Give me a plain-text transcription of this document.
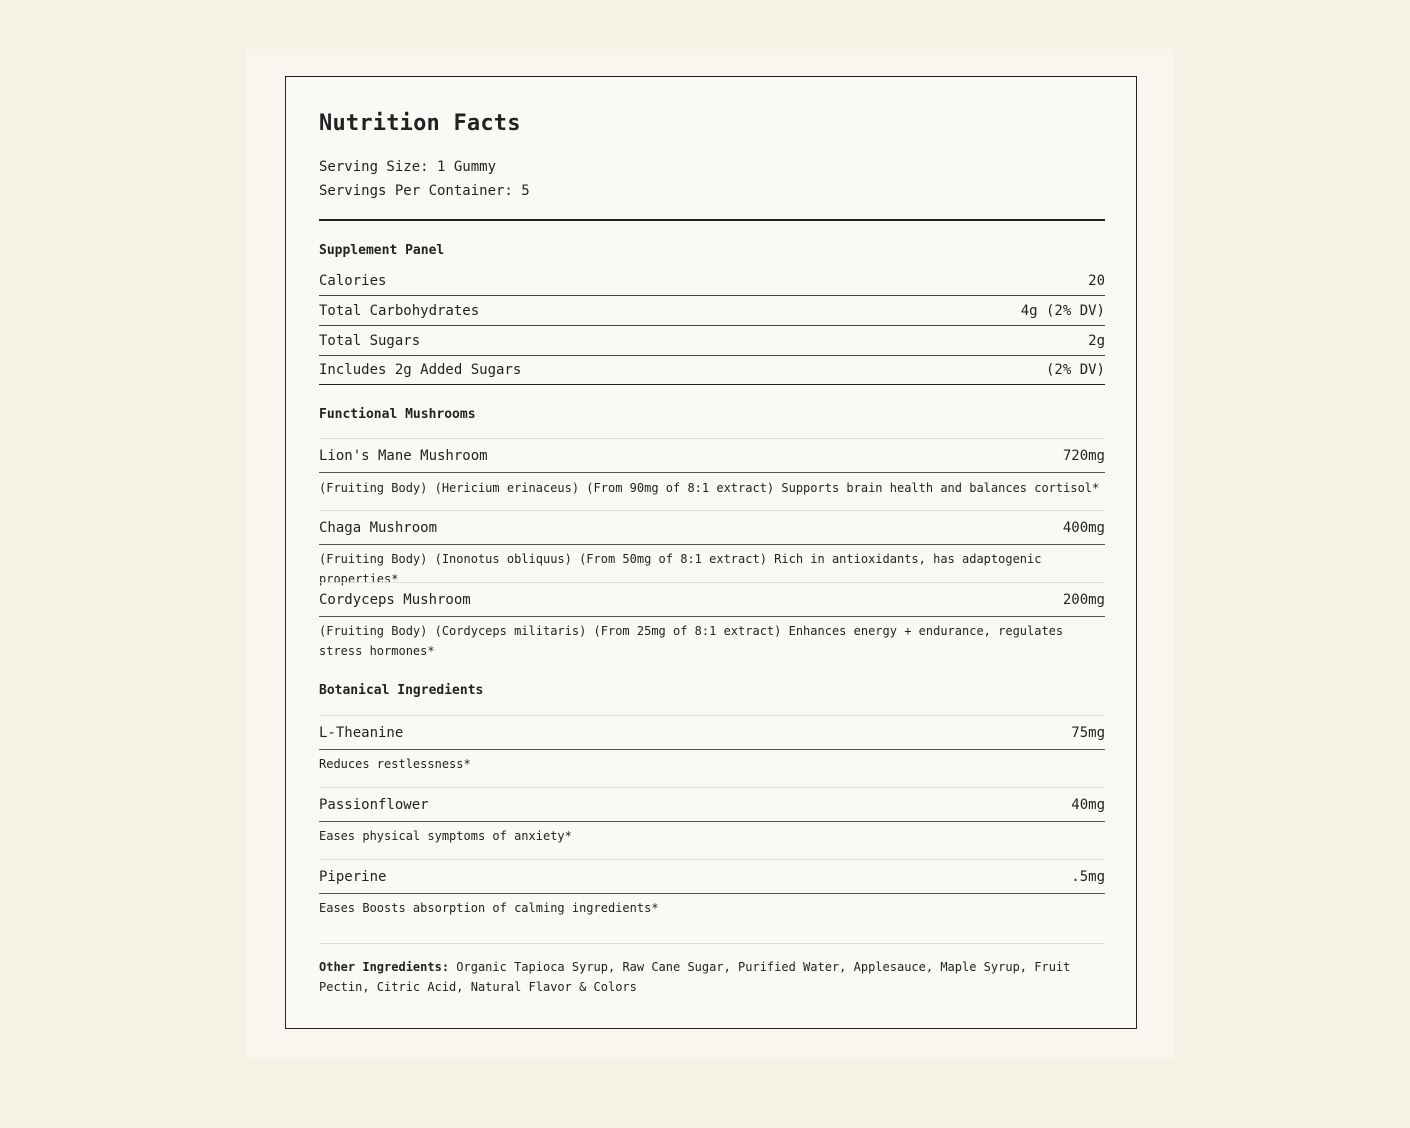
Nutrition Facts
Serving Size: 1 Gummy
Servings Per Container: 5
Supplement Panel
Calories	20
Total Carbohydrates	4g (2% DV)
Total Sugars	2g
Includes 2g Added Sugars	(2% DV)
Functional Mushrooms
Lion's Mane Mushroom	720mg
(Fruiting Body) (Hericium erinaceus) (From 90mg of 8:1 extract) Supports brain health and balances cortisol*
Chaga Mushroom	400mg
(Fruiting Body) (Inonotus obliquus) (From 50mg of 8:1 extract) Rich in antioxidants, has adaptogenic properties*
Cordyceps Mushroom	200mg
(Fruiting Body) (Cordyceps militaris) (From 25mg of 8:1 extract) Enhances energy + endurance, regulates stress hormones*
Botanical Ingredients
L-Theanine	75mg
Reduces restlessness*
Passionflower	40mg
Eases physical symptoms of anxiety*
Piperine	.5mg
Eases Boosts absorption of calming ingredients*
Other Ingredients: Organic Tapioca Syrup, Raw Cane Sugar, Purified Water, Applesauce, Maple Syrup, Fruit Pectin, Citric Acid, Natural Flavor & Colors
